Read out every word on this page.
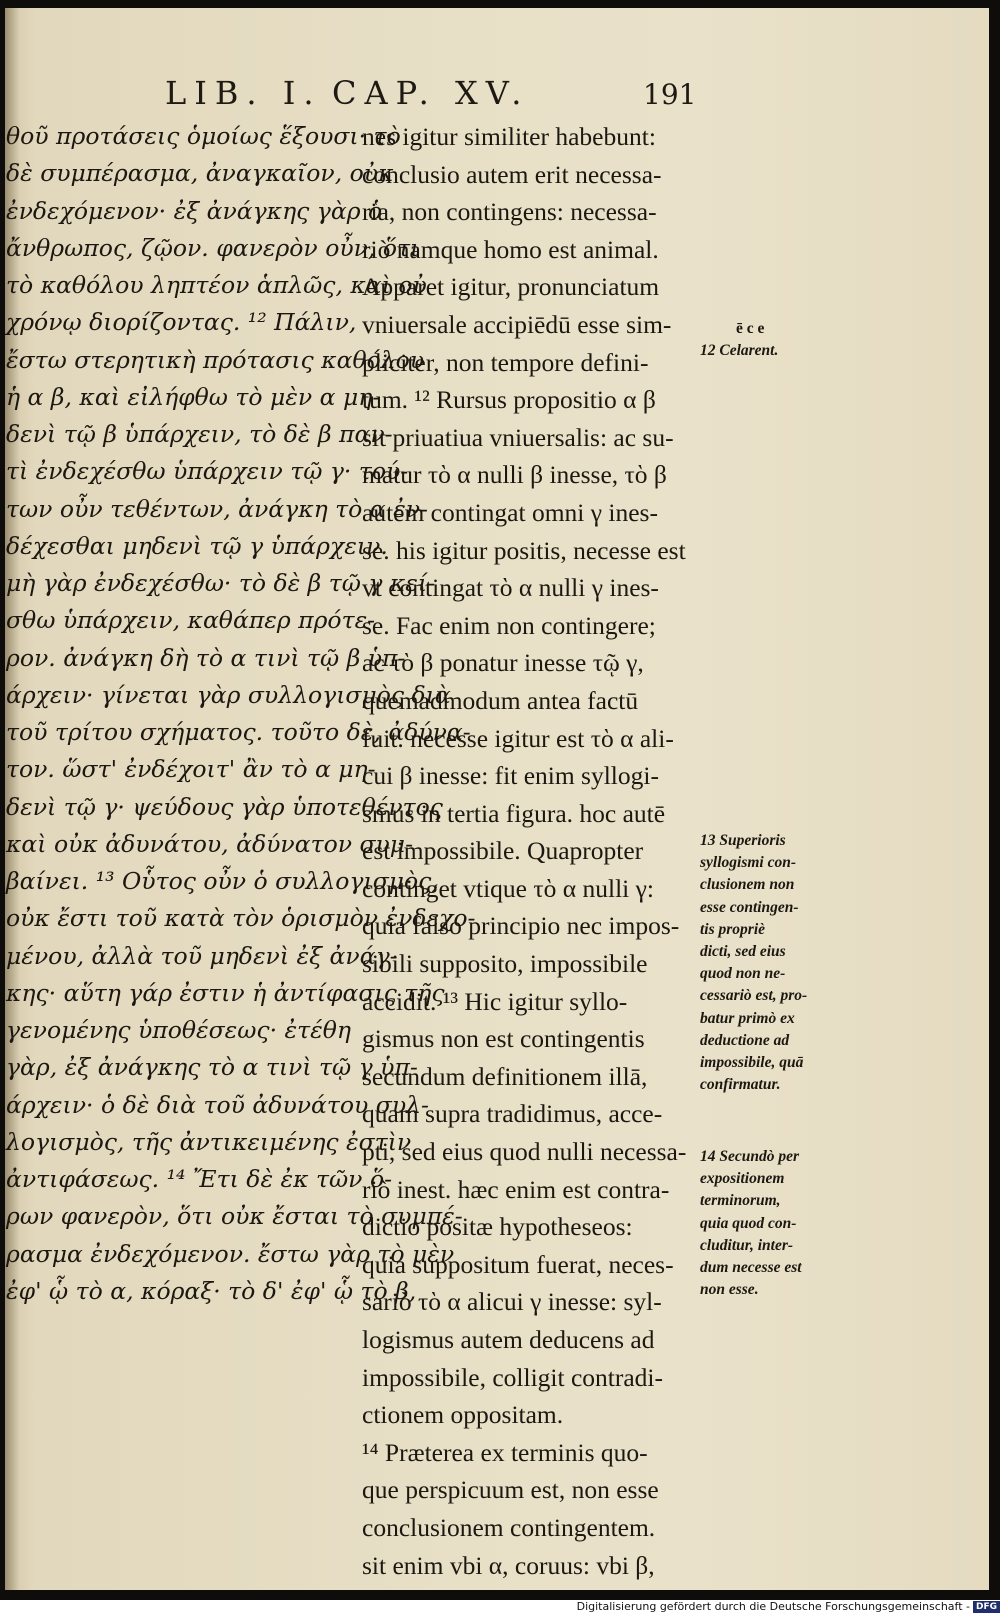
LIB. I. CAP. XV.	191
θοῦ προτάσεις ὁμοίως ἕξουσι· τὸ
δὲ συμπέρασμα, ἀναγκαῖον, οὐκ
ἐνδεχόμενον· ἐξ ἀνάγκης γὰρ ὁ
ἄνθρωπος, ζῷον. φανερὸν οὖν, ὅτι
τὸ καθόλου ληπτέον ἁπλῶς, καὶ οὐ
χρόνῳ διορίζοντας. ¹² Πάλιν,
ἔστω στερητικὴ πρότασις καθόλου
ἡ α β, καὶ εἰλήφθω τὸ μὲν α μη-
δενὶ τῷ β ὑπάρχειν, τὸ δὲ β παν-
τὶ ἐνδεχέσθω ὑπάρχειν τῷ γ· τού-
των οὖν τεθέντων, ἀνάγκη τὸ α ἐν-
δέχεσθαι μηδενὶ τῷ γ ὑπάρχειν.
μὴ γὰρ ἐνδεχέσθω· τὸ δὲ β τῷ γ κεί-
σθω ὑπάρχειν, καθάπερ πρότε-
ρον. ἀνάγκη δὴ τὸ α τινὶ τῷ β ὑπ-
άρχειν· γίνεται γὰρ συλλογισμὸς διὰ
τοῦ τρίτου σχήματος. τοῦτο δὲ, ἀδύνα-
τον. ὥστ' ἐνδέχοιτ' ἂν τὸ α μη-
δενὶ τῷ γ· ψεύδους γὰρ ὑποτεθέντος
καὶ οὐκ ἀδυνάτου, ἀδύνατον συμ-
βαίνει. ¹³ Οὗτος οὖν ὁ συλλογισμὸς,
οὐκ ἔστι τοῦ κατὰ τὸν ὁρισμὸν ἐνδεχο-
μένου, ἀλλὰ τοῦ μηδενὶ ἐξ ἀνάγ-
κης· αὕτη γάρ ἐστιν ἡ ἀντίφασις τῆς
γενομένης ὑποθέσεως· ἐτέθη
γὰρ, ἐξ ἀνάγκης τὸ α τινὶ τῷ γ ὑπ-
άρχειν· ὁ δὲ διὰ τοῦ ἀδυνάτου συλ-
λογισμὸς, τῆς ἀντικειμένης ἐστὶν
ἀντιφάσεως. ¹⁴ Ἔτι δὲ ἐκ τῶν ὅ-
ρων φανερὸν, ὅτι οὐκ ἔσται τὸ συμπέ-
ρασμα ἐνδεχόμενον. ἔστω γὰρ τὸ μὲν
ἐφ' ᾧ τὸ α, κόραξ· τὸ δ' ἐφ' ᾧ τὸ β,
nes igitur similiter habebunt:
conclusio autem erit necessa-
ria, non contingens: necessa-
riò namque homo est animal.
Apparet igitur, pronunciatum
vniuersale accipiēdū esse sim-
pliciter, non tempore defini-
tum. ¹² Rursus propositio α β
sit priuatiua vniuersalis: ac su-
matur τὸ α nulli β inesse, τὸ β
autem contingat omni γ ines-
se. his igitur positis, necesse est
vt contingat τὸ α nulli γ ines-
se. Fac enim non contingere;
ac τὸ β ponatur inesse τῷ γ,
quemadmodum antea factū
fuit. necesse igitur est τὸ α ali-
cui β inesse: fit enim syllogi-
smus in tertia figura. hoc autē
est impossibile. Quapropter
continget vtique τὸ α nulli γ:
quia falso principio nec impos-
sibili supposito, impossibile
accidit. ¹³ Hic igitur syllo-
gismus non est contingentis
secundum definitionem illā,
quam supra tradidimus, acce-
pti, sed eius quod nulli necessa-
riò inest. hæc enim est contra-
dictio positæ hypotheseos:
quia suppositum fuerat, neces-
sariò τὸ α alicui γ inesse: syl-
logismus autem deducens ad
impossibile, colligit contradi-
ctionem oppositam.
¹⁴ Præterea ex terminis quo-
que perspicuum est, non esse
conclusionem contingentem.
sit enim vbi α, coruus: vbi β,
ē c e
12 Celarent.
13 Superioris
syllogismi con-
clusionem non
esse contingen-
tis propriè
dicti, sed eius
quod non ne-
cessariò est, pro-
batur primò ex
deductione ad
impossibile, quā
confirmatur.
14 Secundò per
expositionem
terminorum,
quia quod con-
cluditur, inter-
dum necesse est
non esse.
Digitalisierung gefördert durch die Deutsche Forschungsgemeinschaft - DFG
